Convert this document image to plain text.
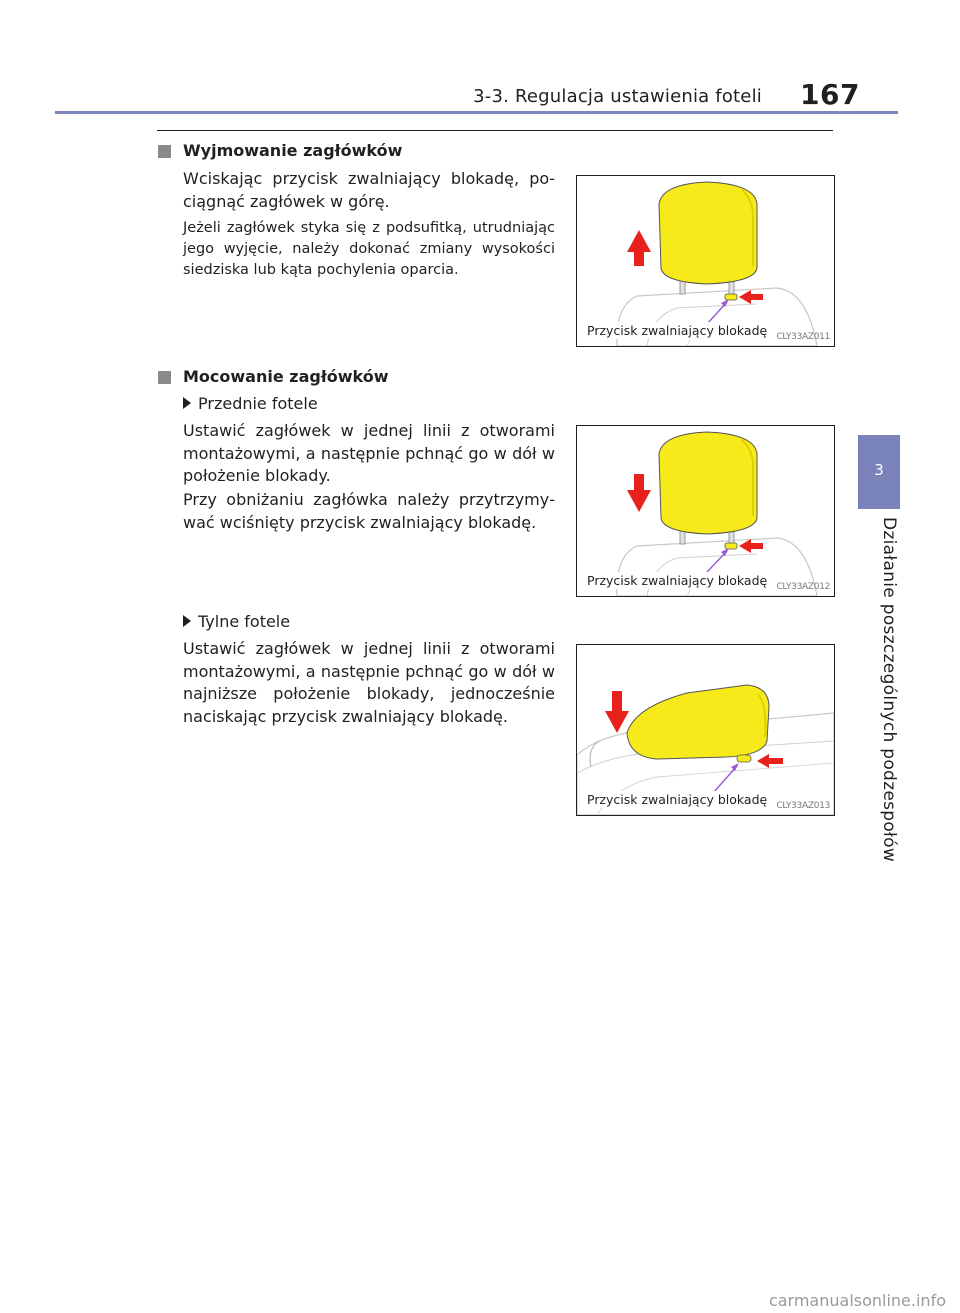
3-3. Regulacja ustawienia foteli 167
3
Działanie poszczególnych podzespołów
Wyjmowanie zagłówków

Wciskając przycisk zwalniający blokadę, pociągnąć zagłówek w górę.

Jeżeli zagłówek styka się z podsufitką, utrudniając jego wyjęcie, należy dokonać zmiany wysokości siedziska lub kąta pochylenia oparcia.

Przycisk zwalniający blokadę	CLY33AZ011
Mocowanie zagłówków
Przednie fotele

Ustawić zagłówek w jednej linii z otworami montażowymi, a następnie pchnąć go w dół w położenie blokady.

Przy obniżaniu zagłówka należy przytrzymywać wciśnięty przycisk zwalniający blokadę.

Przycisk zwalniający blokadę	CLY33AZ012
Tylne fotele

Ustawić zagłówek w jednej linii z otworami montażowymi, a następnie pchnąć go w dół w najniższe położenie blokady, jednocześnie naciskając przycisk zwalniający blokadę.

Przycisk zwalniający blokadę	CLY33AZ013
carmanualsonline.info
